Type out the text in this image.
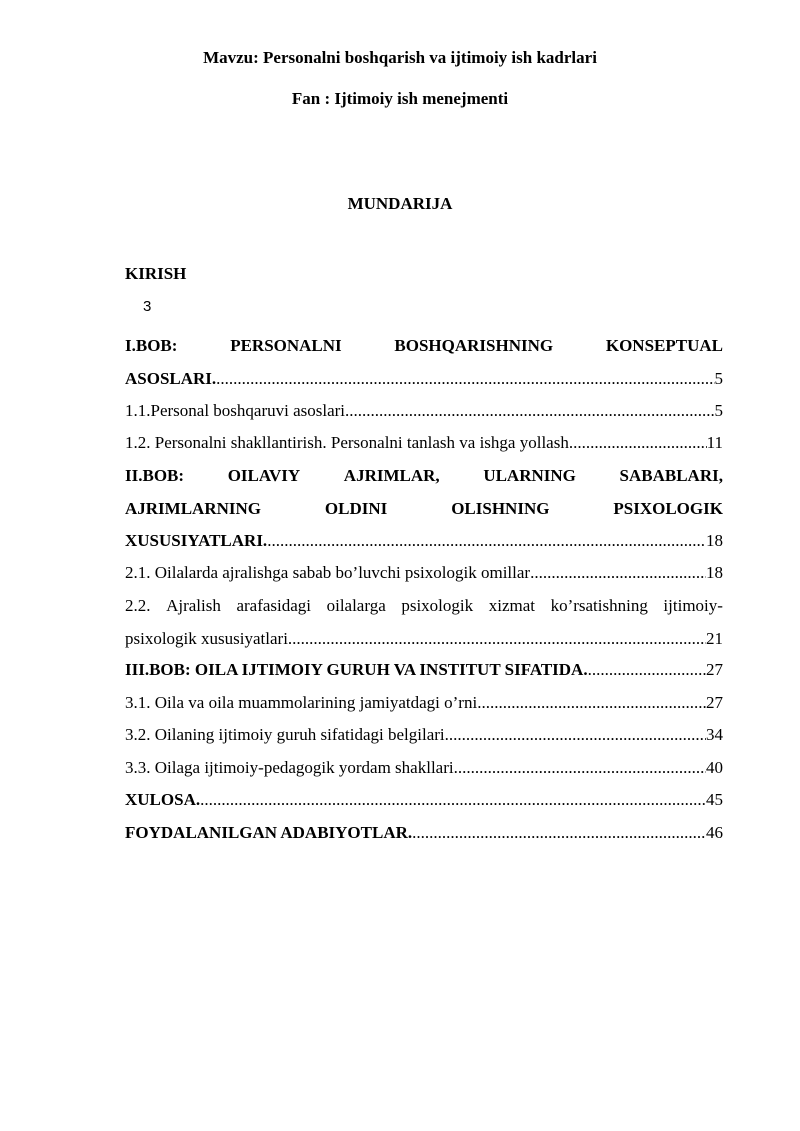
Mavzu: Personalni boshqarish va ijtimoiy ish kadrlari
Fan : Ijtimoiy ish menejmenti
MUNDARIJA
KIRISH
3
I.BOB:	PERSONALNI	BOSHQARISHNING	KONSEPTUAL
ASOSLARI. .....	5
1.1.Personal boshqaruvi asoslari .....	5
1.2. Personalni shakllantirish. Personalni tanlash va ishga yollash .....	11
II.BOB:	OILAVIY	AJRIMLAR,	ULARNING	SABABLARI,
AJRIMLARNING	OLDINI	OLISHNING	PSIXOLOGIK
XUSUSIYATLARI. .....	18
2.1. Oilalarda ajralishga sabab bo’luvchi psixologik omillar .....	18
2.2. Ajralish arafasidagi oilalarga psixologik xizmat ko’rsatishning ijtimoiy-
psixologik xususiyatlari .....	21
III.BOB: OILA IJTIMOIY GURUH VA INSTITUT SIFATIDA. .....	27
3.1. Oila va oila muammolarining jamiyatdagi o’rni .....	27
3.2. Oilaning ijtimoiy guruh sifatidagi belgilari .....	34
3.3. Oilaga ijtimoiy-pedagogik yordam shakllari .....	40
XULOSA. .....	45
FOYDALANILGAN ADABIYOTLAR. .....	46
